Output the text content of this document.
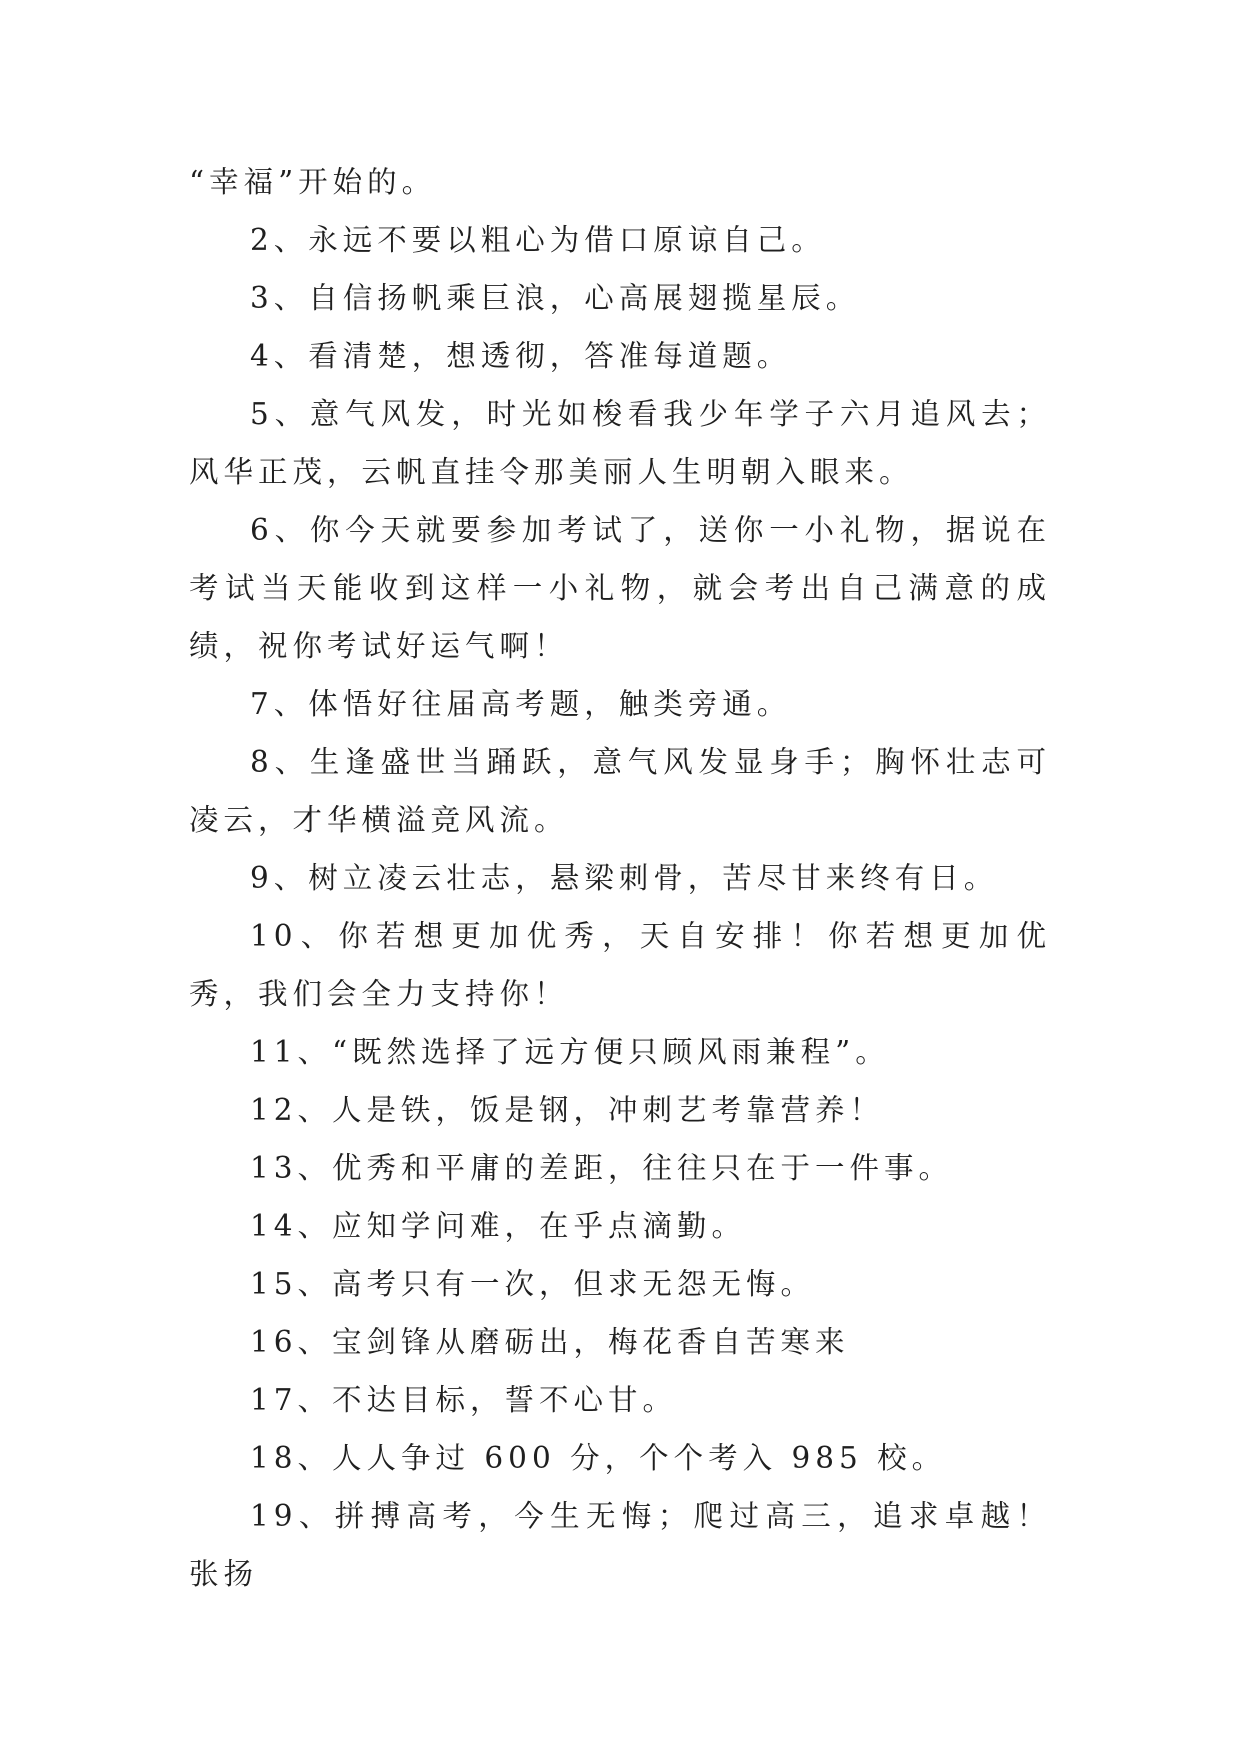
“幸福”开始的。

2、永远不要以粗心为借口原谅自己。

3、自信扬帆乘巨浪，心高展翅揽星辰。

4、看清楚，想透彻，答准每道题。

5、意气风发，时光如梭看我少年学子六月追风去；风华正茂，云帆直挂令那美丽人生明朝入眼来。

6、你今天就要参加考试了，送你一小礼物，据说在考试当天能收到这样一小礼物，就会考出自己满意的成绩，祝你考试好运气啊！

7、体悟好往届高考题，触类旁通。

8、生逢盛世当踊跃，意气风发显身手；胸怀壮志可凌云，才华横溢竞风流。

9、树立凌云壮志，悬梁刺骨，苦尽甘来终有日。

10、你若想更加优秀，天自安排！你若想更加优秀，我们会全力支持你！

11、“既然选择了远方便只顾风雨兼程”。

12、人是铁，饭是钢，冲刺艺考靠营养！

13、优秀和平庸的差距，往往只在于一件事。

14、应知学问难，在乎点滴勤。

15、高考只有一次，但求无怨无悔。

16、宝剑锋从磨砺出，梅花香自苦寒来

17、不达目标，誓不心甘。

18、人人争过 600 分，个个考入 985 校。

19、拼搏高考，今生无悔；爬过高三，追求卓越！张扬
